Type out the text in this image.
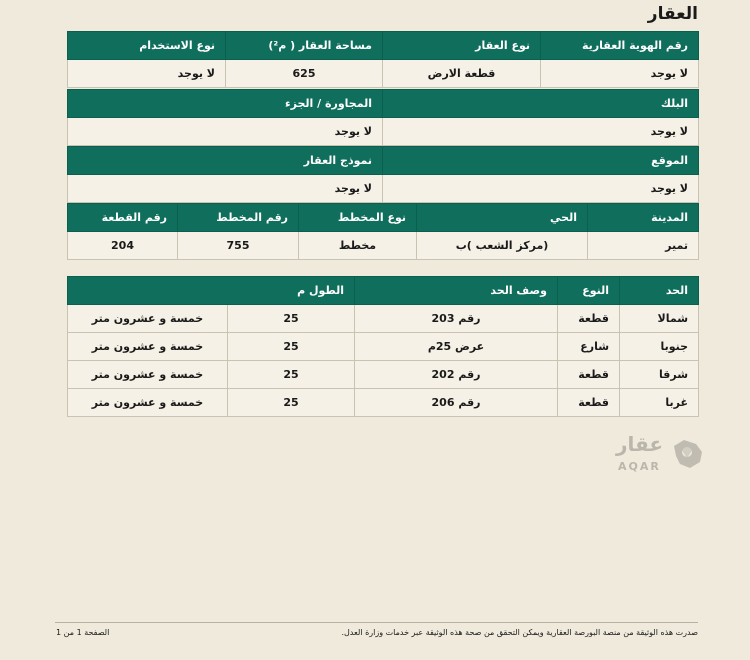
العقار
رقم الهوية العقارية	نوع العقار	مساحة العقار ( م²)	نوع الاستخدام
لا يوجد	قطعة الارض	625	لا يوجد
البلك	المجاورة / الجزء
لا يوجد	لا يوجد
الموقع	نموذج العقار
لا يوجد	لا يوجد
المدينة	الحي	نوع المخطط	رقم المخطط	رقم القطعة
تمير	(مركز الشعب )ب	مخطط	755	204
الحد	النوع	وصف الحد	الطول م	
شمالا	قطعة	رقم 203	25	خمسة و عشرون متر
جنوبا	شارع	عرض 25م	25	خمسة و عشرون متر
شرقا	قطعة	رقم 202	25	خمسة و عشرون متر
غربا	قطعة	رقم 206	25	خمسة و عشرون متر
عقار
AQAR
صدرت هذه الوثيقة من منصة البورصة العقارية ويمكن التحقق من صحة هذه الوثيقة عبر خدمات وزارة العدل.
الصفحة 1 من 1
